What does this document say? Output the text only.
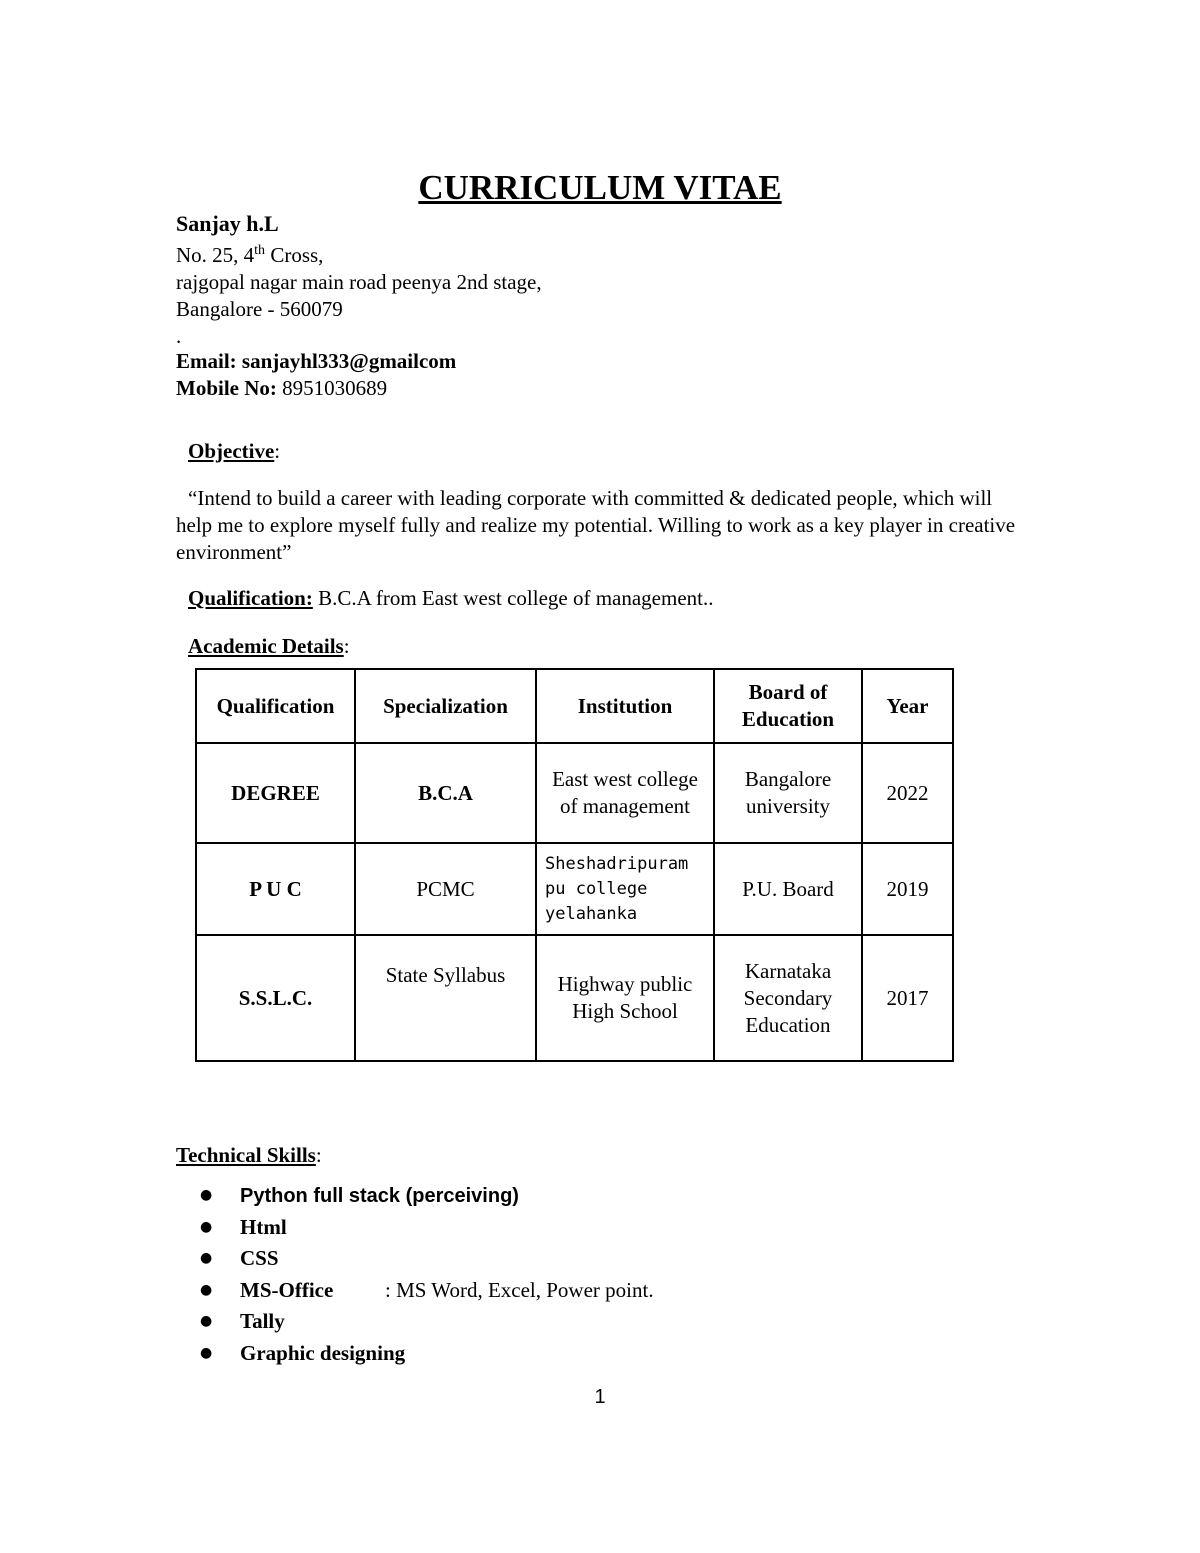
CURRICULUM VITAE
Sanjay h.L
No. 25, 4th Cross,
rajgopal nagar main road peenya 2nd stage,
Bangalore - 560079
.
Email: sanjayhl333@gmailcom
Mobile No: 8951030689
Objective:
“Intend to build a career with leading corporate with committed & dedicated people, which will help me to explore myself fully and realize my potential. Willing to work as a key player in creative environment”
Qualification: B.C.A from East west college of management..
Academic Details:
Qualification	Specialization	Institution	Board of Education	Year
DEGREE	B.C.A	East west college of management	Bangalore university	2022
P U C	PCMC	Sheshadripuram pu college yelahanka	P.U. Board	2019
S.S.L.C.	State Syllabus	Highway public High School	Karnataka Secondary Education	2017
Technical Skills:
● Python full stack (perceiving)
● Html
● CSS
● MS-Office : MS Word, Excel, Power point.
● Tally
● Graphic designing
1
